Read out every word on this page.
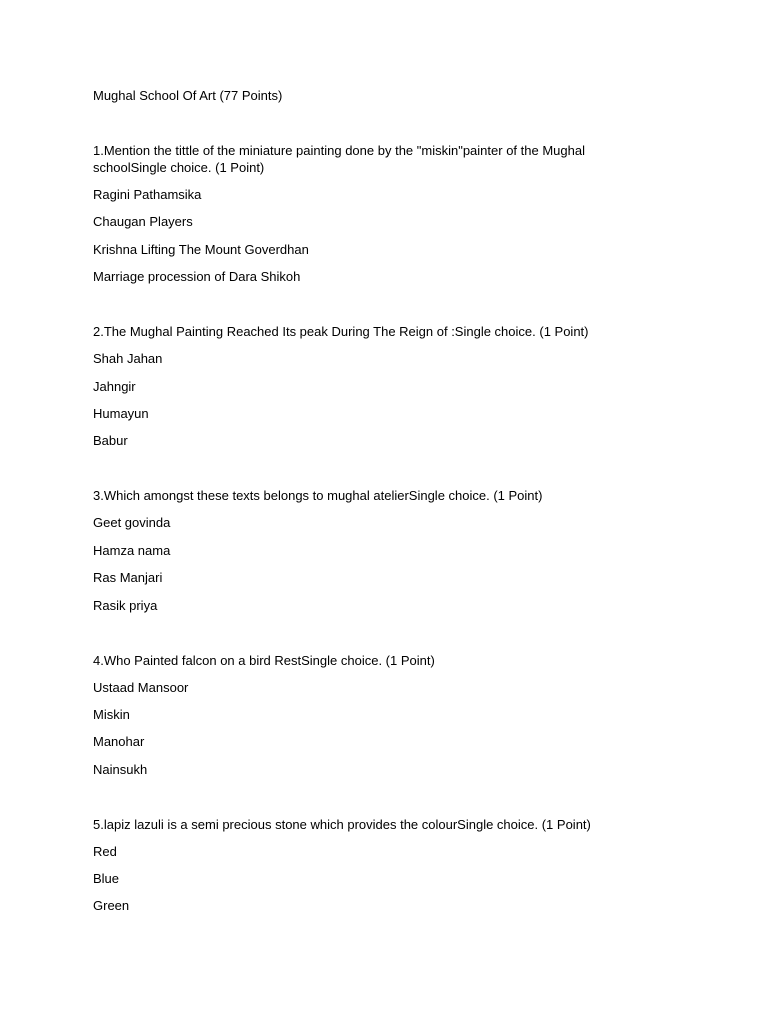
Mughal School Of Art (77 Points)
1.Mention the tittle of the miniature painting done by the "miskin"painter of the Mughal schoolSingle choice. (1 Point)
Ragini Pathamsika
Chaugan Players
Krishna Lifting The Mount Goverdhan
Marriage procession of Dara Shikoh
2.The Mughal Painting Reached Its peak During The Reign of :Single choice. (1 Point)
Shah Jahan
Jahngir
Humayun
Babur
3.Which amongst these texts belongs to mughal atelierSingle choice. (1 Point)
Geet govinda
Hamza nama
Ras Manjari
Rasik priya
4.Who Painted falcon on a bird RestSingle choice. (1 Point)
Ustaad Mansoor
Miskin
Manohar
Nainsukh
5.lapiz lazuli is a semi precious stone which provides the colourSingle choice. (1 Point)
Red
Blue
Green
